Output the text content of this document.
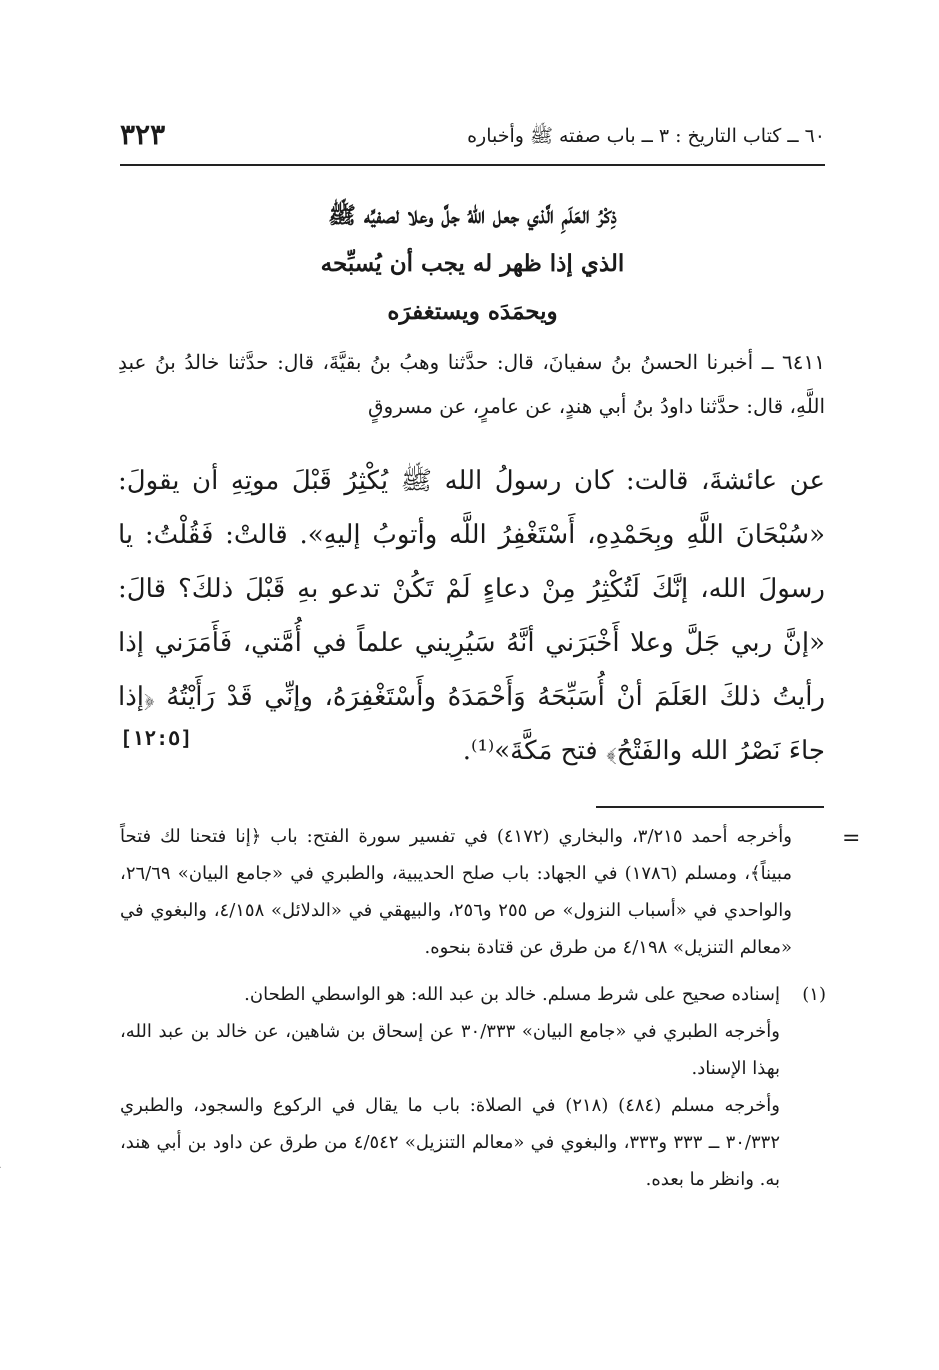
٦٠ ــ كتاب التاريخ : ٣ ــ باب صفته ﷺ وأخباره
٣٢٣
ذِكْرُ العَلَمِ الَّذي جعل اللّهُ جلَّ وعلا لصفيِّه ﷺ
الذي إذا ظهر له يجب أن يُسبِّحه
ويحمَدَه ويستغفرَه
٦٤١١ ــ أخبرنا الحسنُ بنُ سفيانَ، قال: حدَّثنا وهبُ بنُ بقيَّةَ، قال: حدَّثنا خالدُ بنُ عبدِ اللَّهِ، قال: حدَّثنا داودُ بنُ أبي هندٍ، عن عامرٍ، عن مسروقٍ
عن عائشةَ، قالت: كان رسولُ الله ﷺ يُكْثِرُ قَبْلَ موتِهِ أن يقولَ: «سُبْحَانَ اللَّهِ وبِحَمْدِهِ، أَسْتَغْفِرُ اللَّه وأتوبُ إليهِ». قالتْ: فَقُلْتُ: يا رسولَ الله، إنَّكَ لَتُكْثِرُ مِنْ دعاءٍ لَمْ تَكُنْ تدعو بهِ قَبْلَ ذلكَ؟ قالَ: «إنَّ ربي جَلَّ وعلا أَخْبَرَني أنَّهُ سَيُرِيني علماً في أُمَّتي، فَأَمَرَني إذا رأيتُ ذلكَ العَلَمَ أنْ أُسَبِّحَهُ وَأَحْمَدَهُ وأَسْتَغْفِرَهُ، وإنِّي قَدْ رَأَيْتُهُ ﴿إذا جاءَ نَصْرُ الله والفَتْحُ﴾ فتح مَكَّةَ»⁽¹⁾.
[١٢:٥]
=

وأخرجه أحمد ٣/٢١٥، والبخاري (٤١٧٢) في تفسير سورة الفتح: باب ﴿إنا فتحنا لك فتحاً مبيناً﴾، ومسلم (١٧٨٦) في الجهاد: باب صلح الحديبية، والطبري في «جامع البيان» ٢٦/٦٩، والواحدي في «أسباب النزول» ص ٢٥٥ و٢٥٦، والبيهقي في «الدلائل» ٤/١٥٨، والبغوي في «معالم التنزيل» ٤/١٩٨ من طرق عن قتادة بنحوه.

(١)

إسناده صحيح على شرط مسلم. خالد بن عبد الله: هو الواسطي الطحان.

وأخرجه الطبري في «جامع البيان» ٣٠/٣٣٣ عن إسحاق بن شاهين، عن خالد بن عبد الله، بهذا الإسناد.

وأخرجه مسلم (٤٨٤) (٢١٨) في الصلاة: باب ما يقال في الركوع والسجود، والطبري ٣٠/٣٣٢ ــ ٣٣٣ و٣٣٣، والبغوي في «معالم التنزيل» ٤/٥٤٢ من طرق عن داود بن أبي هند، به. وانظر ما بعده.
